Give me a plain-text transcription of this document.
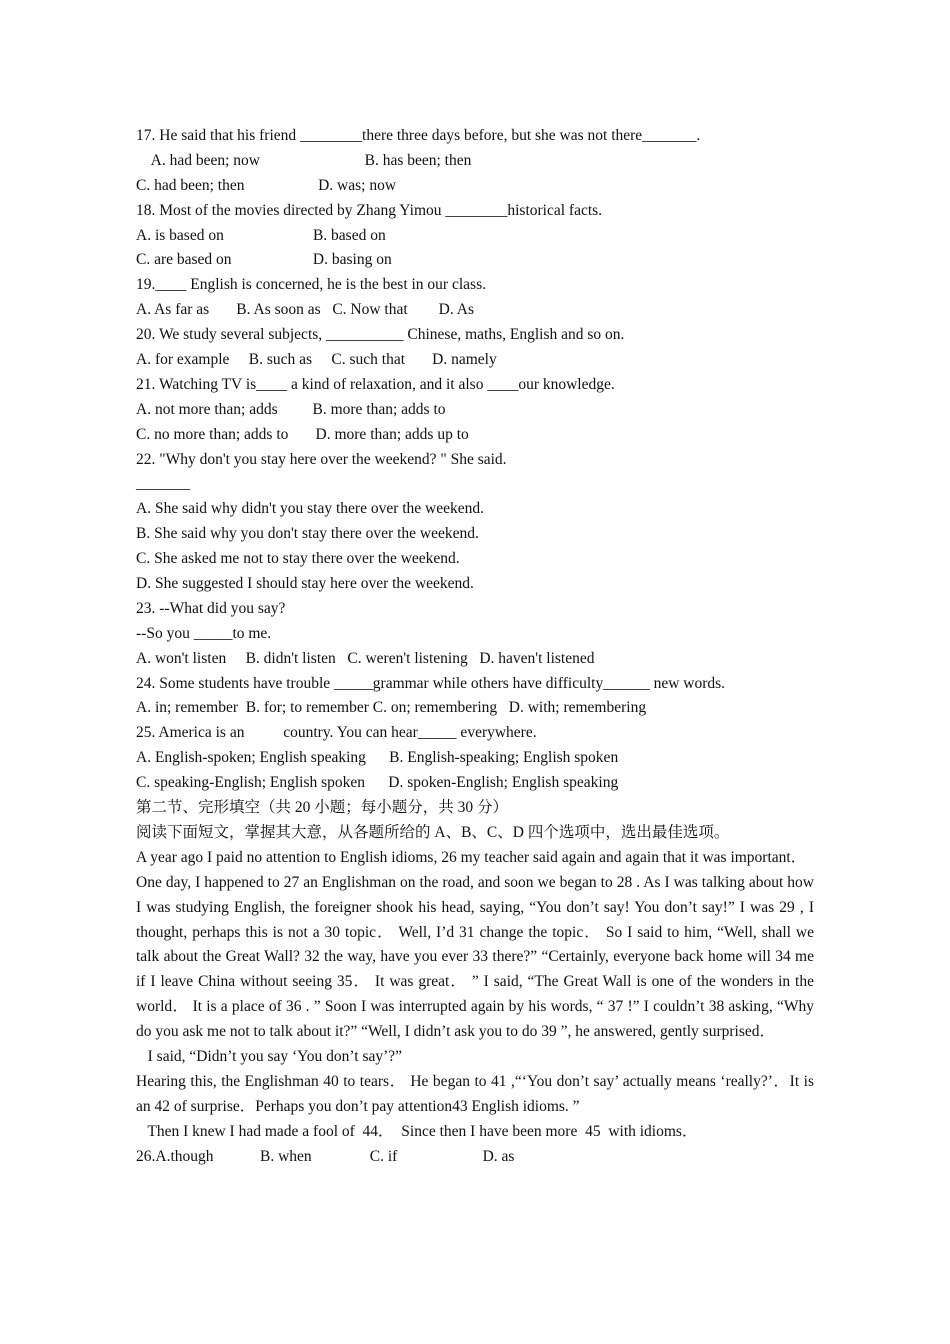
17. He said that his friend ________there three days before, but she was not there_______.
A. had been; now                           B. has been; then
C. had been; then                   D. was; now
18. Most of the movies directed by Zhang Yimou ________historical facts.
A. is based on                       B. based on
C. are based on                     D. basing on
19.____ English is concerned, he is the best in our class.
A. As far as       B. As soon as   C. Now that        D. As
20. We study several subjects, __________ Chinese, maths, English and so on.
A. for example     B. such as     C. such that       D. namely
21. Watching TV is____ a kind of relaxation, and it also ____our knowledge.
A. not more than; adds         B. more than; adds to
C. no more than; adds to       D. more than; adds up to
22. "Why don't you stay here over the weekend? " She said.
_______
A. She said why didn't you stay there over the weekend.
B. She said why you don't stay there over the weekend.
C. She asked me not to stay there over the weekend.
D. She suggested I should stay here over the weekend.
23. --What did you say?
--So you _____to me.
A. won't listen     B. didn't listen   C. weren't listening   D. haven't listened
24. Some students have trouble _____grammar while others have difficulty______ new words.
A. in; remember  B. for; to remember C. on; remembering   D. with; remembering
25. America is an          country. You can hear_____ everywhere.
A. English-spoken; English speaking      B. English-speaking; English spoken
C. speaking-English; English spoken      D. spoken-English; English speaking
第二节、完形填空（共 20 小题；每小题分，共 30 分）
阅读下面短文，掌握其大意，从各题所给的 A、B、C、D 四个选项中，选出最佳选项。
A year ago I paid no attention to English idioms, 26 my teacher said again and again that it was important．
One day, I happened to 27 an Englishman on the road, and soon we began to 28 . As I was talking about how I was studying English, the foreigner shook his head, saying, “You don’t say! You don’t say!” I was 29 , I thought, perhaps this is not a 30 topic． Well, I’d 31 change the topic． So I said to him, “Well, shall we talk about the Great Wall? 32 the way, have you ever 33 there?” “Certainly, everyone back home will 34 me if I leave China without seeing 35． It was great． ” I said, “The Great Wall is one of the wonders in the world． It is a place of 36 . ” Soon I was interrupted again by his words, “ 37 !” I couldn’t 38 asking, “Why do you ask me not to talk about it?” “Well, I didn’t ask you to do 39 ”, he answered, gently surprised．
I said, “Didn’t you say ‘You don’t say’?”
Hearing this, the Englishman 40 to tears． He began to 41 ,“‘You don’t say’ actually means ‘really?’．It is an 42 of surprise．Perhaps you don’t pay attention43 English idioms. ”
Then I knew I had made a fool of  44．  Since then I have been more  45  with idioms．
26.A.though            B. when               C. if                      D. as
